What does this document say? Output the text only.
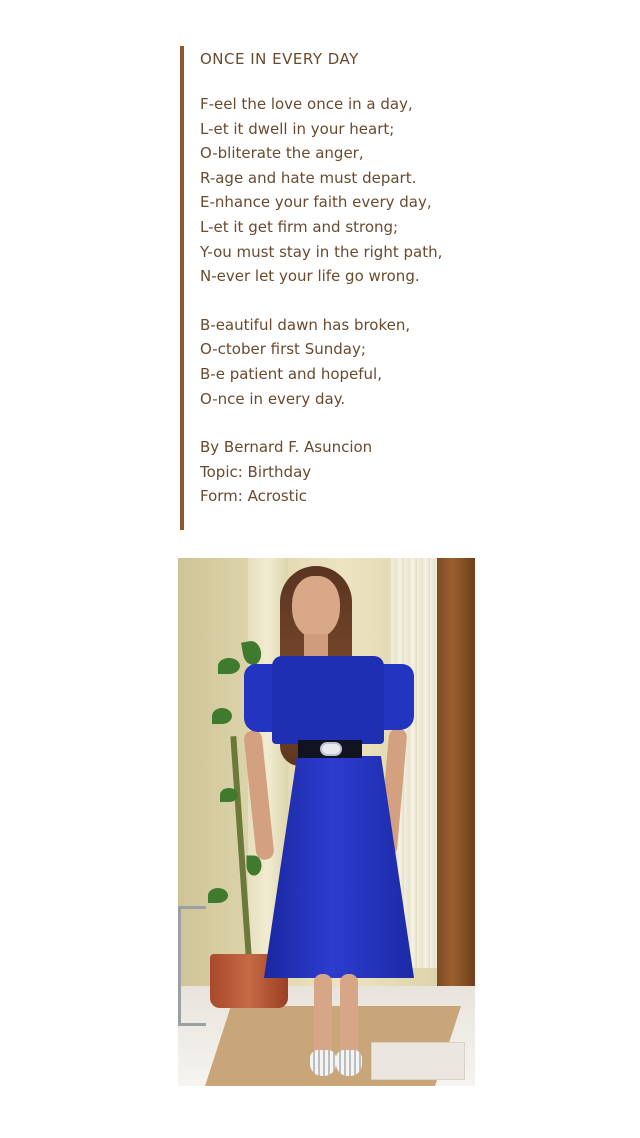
ONCE IN EVERY DAY
F-eel the love once in a day,
L-et it dwell in your heart;
O-bliterate the anger,
R-age and hate must depart.
E-nhance your faith every day,
L-et it get firm and strong;
Y-ou must stay in the right path,
N-ever let your life go wrong.
B-eautiful dawn has broken,
O-ctober first Sunday;
B-e patient and hopeful,
O-nce in every day.
By Bernard F. Asuncion
Topic: Birthday
Form: Acrostic
